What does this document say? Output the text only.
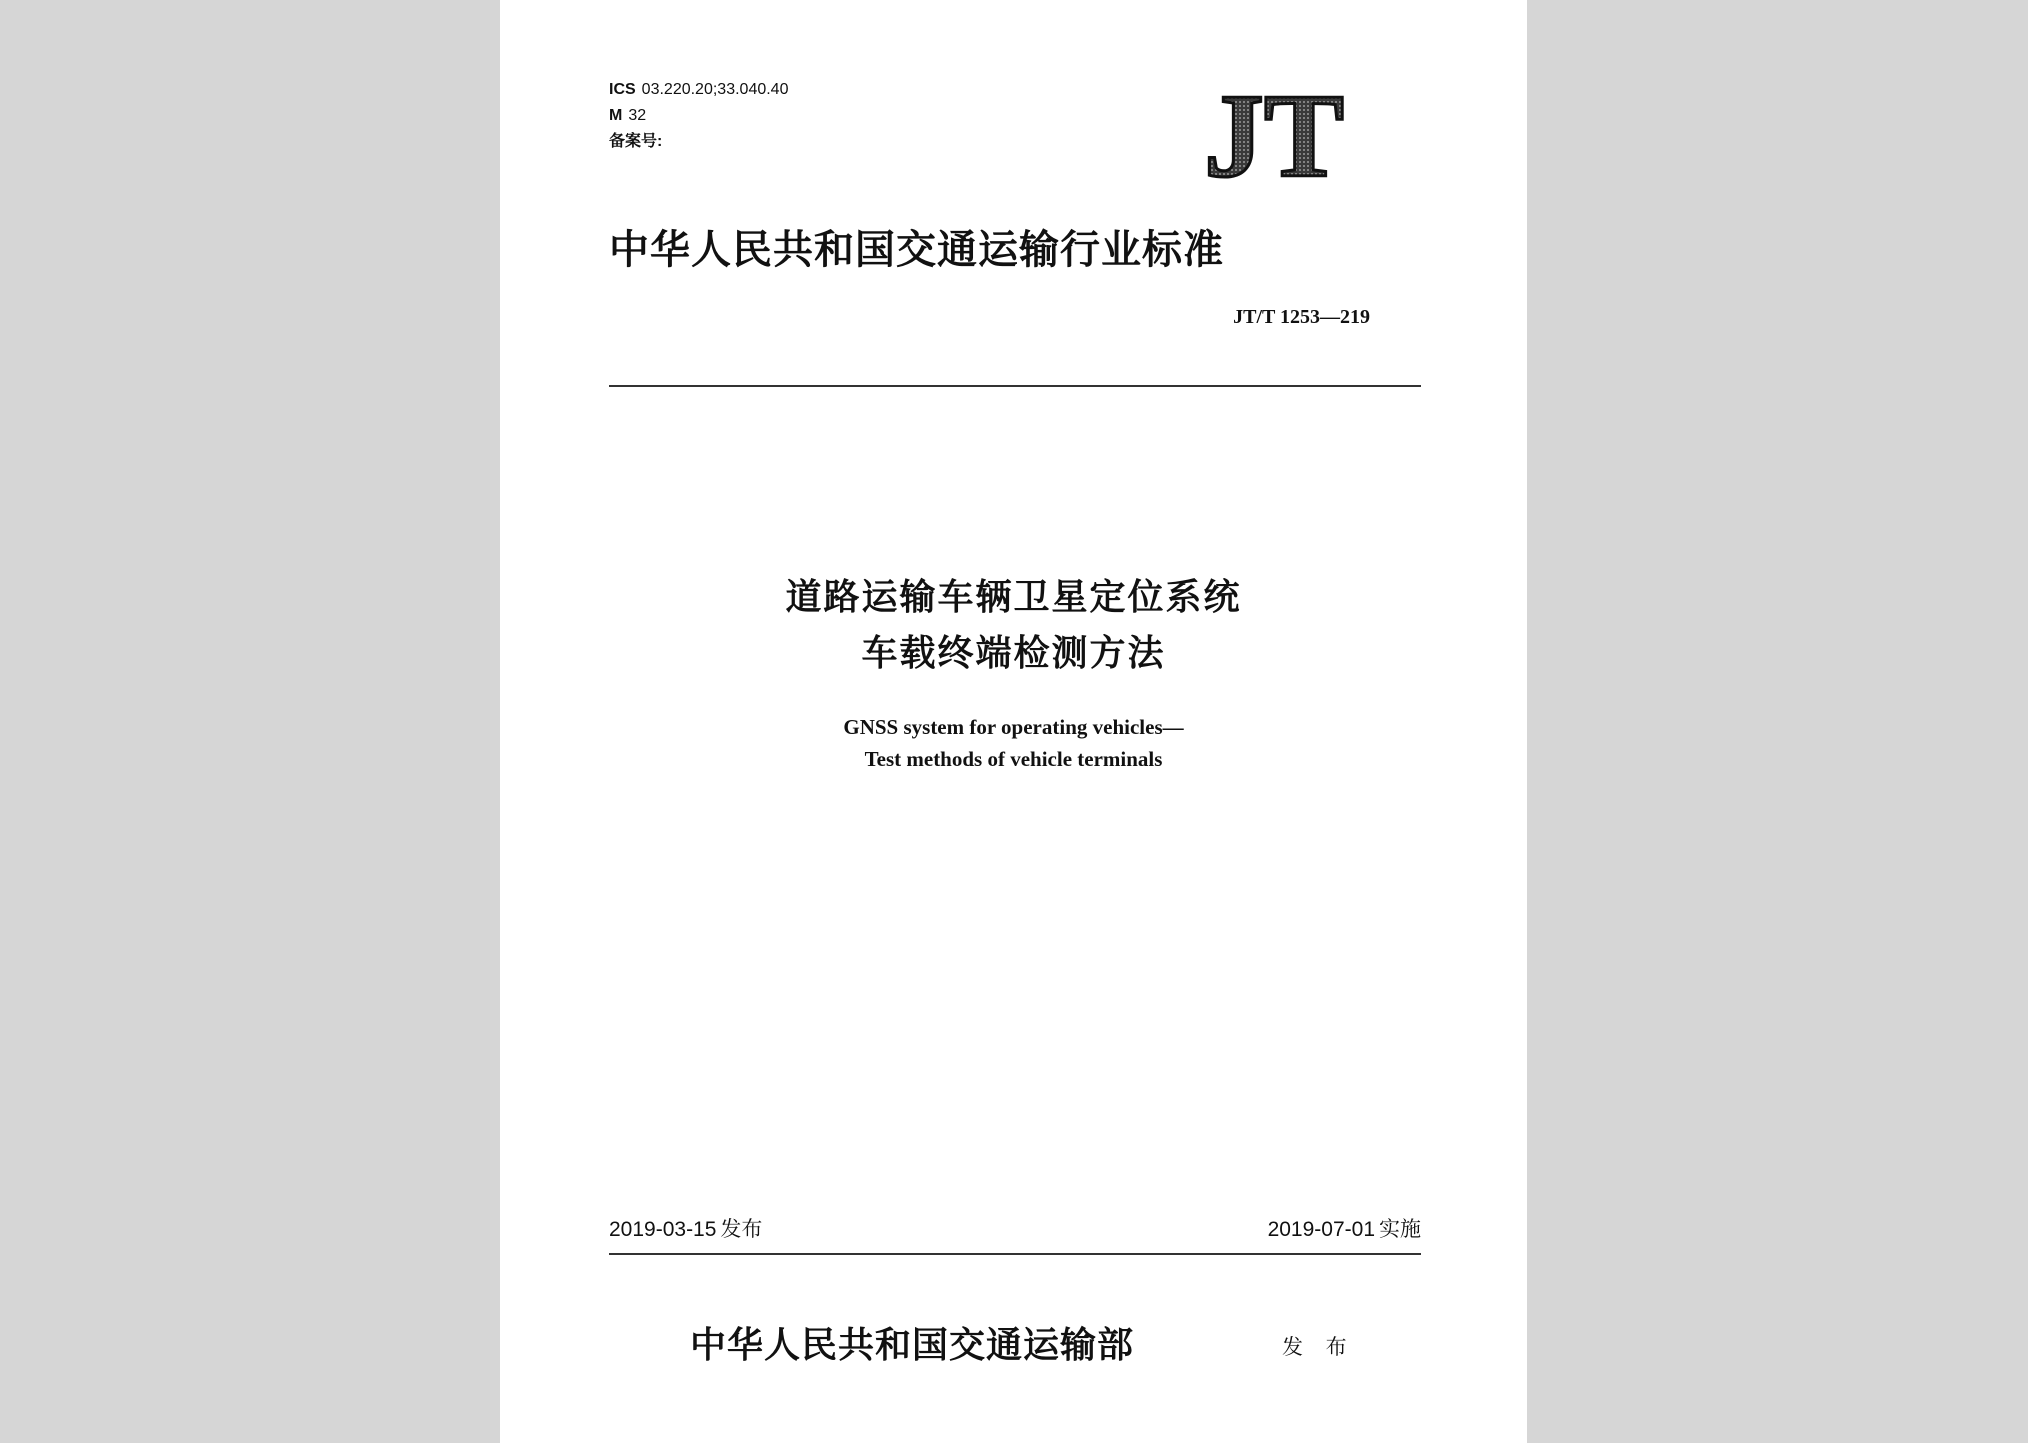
ICS 03.220.20;33.040.40
M 32
备案号:	JT
中华人民共和国交通运输行业标准
JT/T 1253—219
道路运输车辆卫星定位系统
车载终端检测方法
GNSS system for operating vehicles—
Test methods of vehicle terminals
2019-03-15 发布	2019-07-01 实施
中华人民共和国交通运输部	发 布
